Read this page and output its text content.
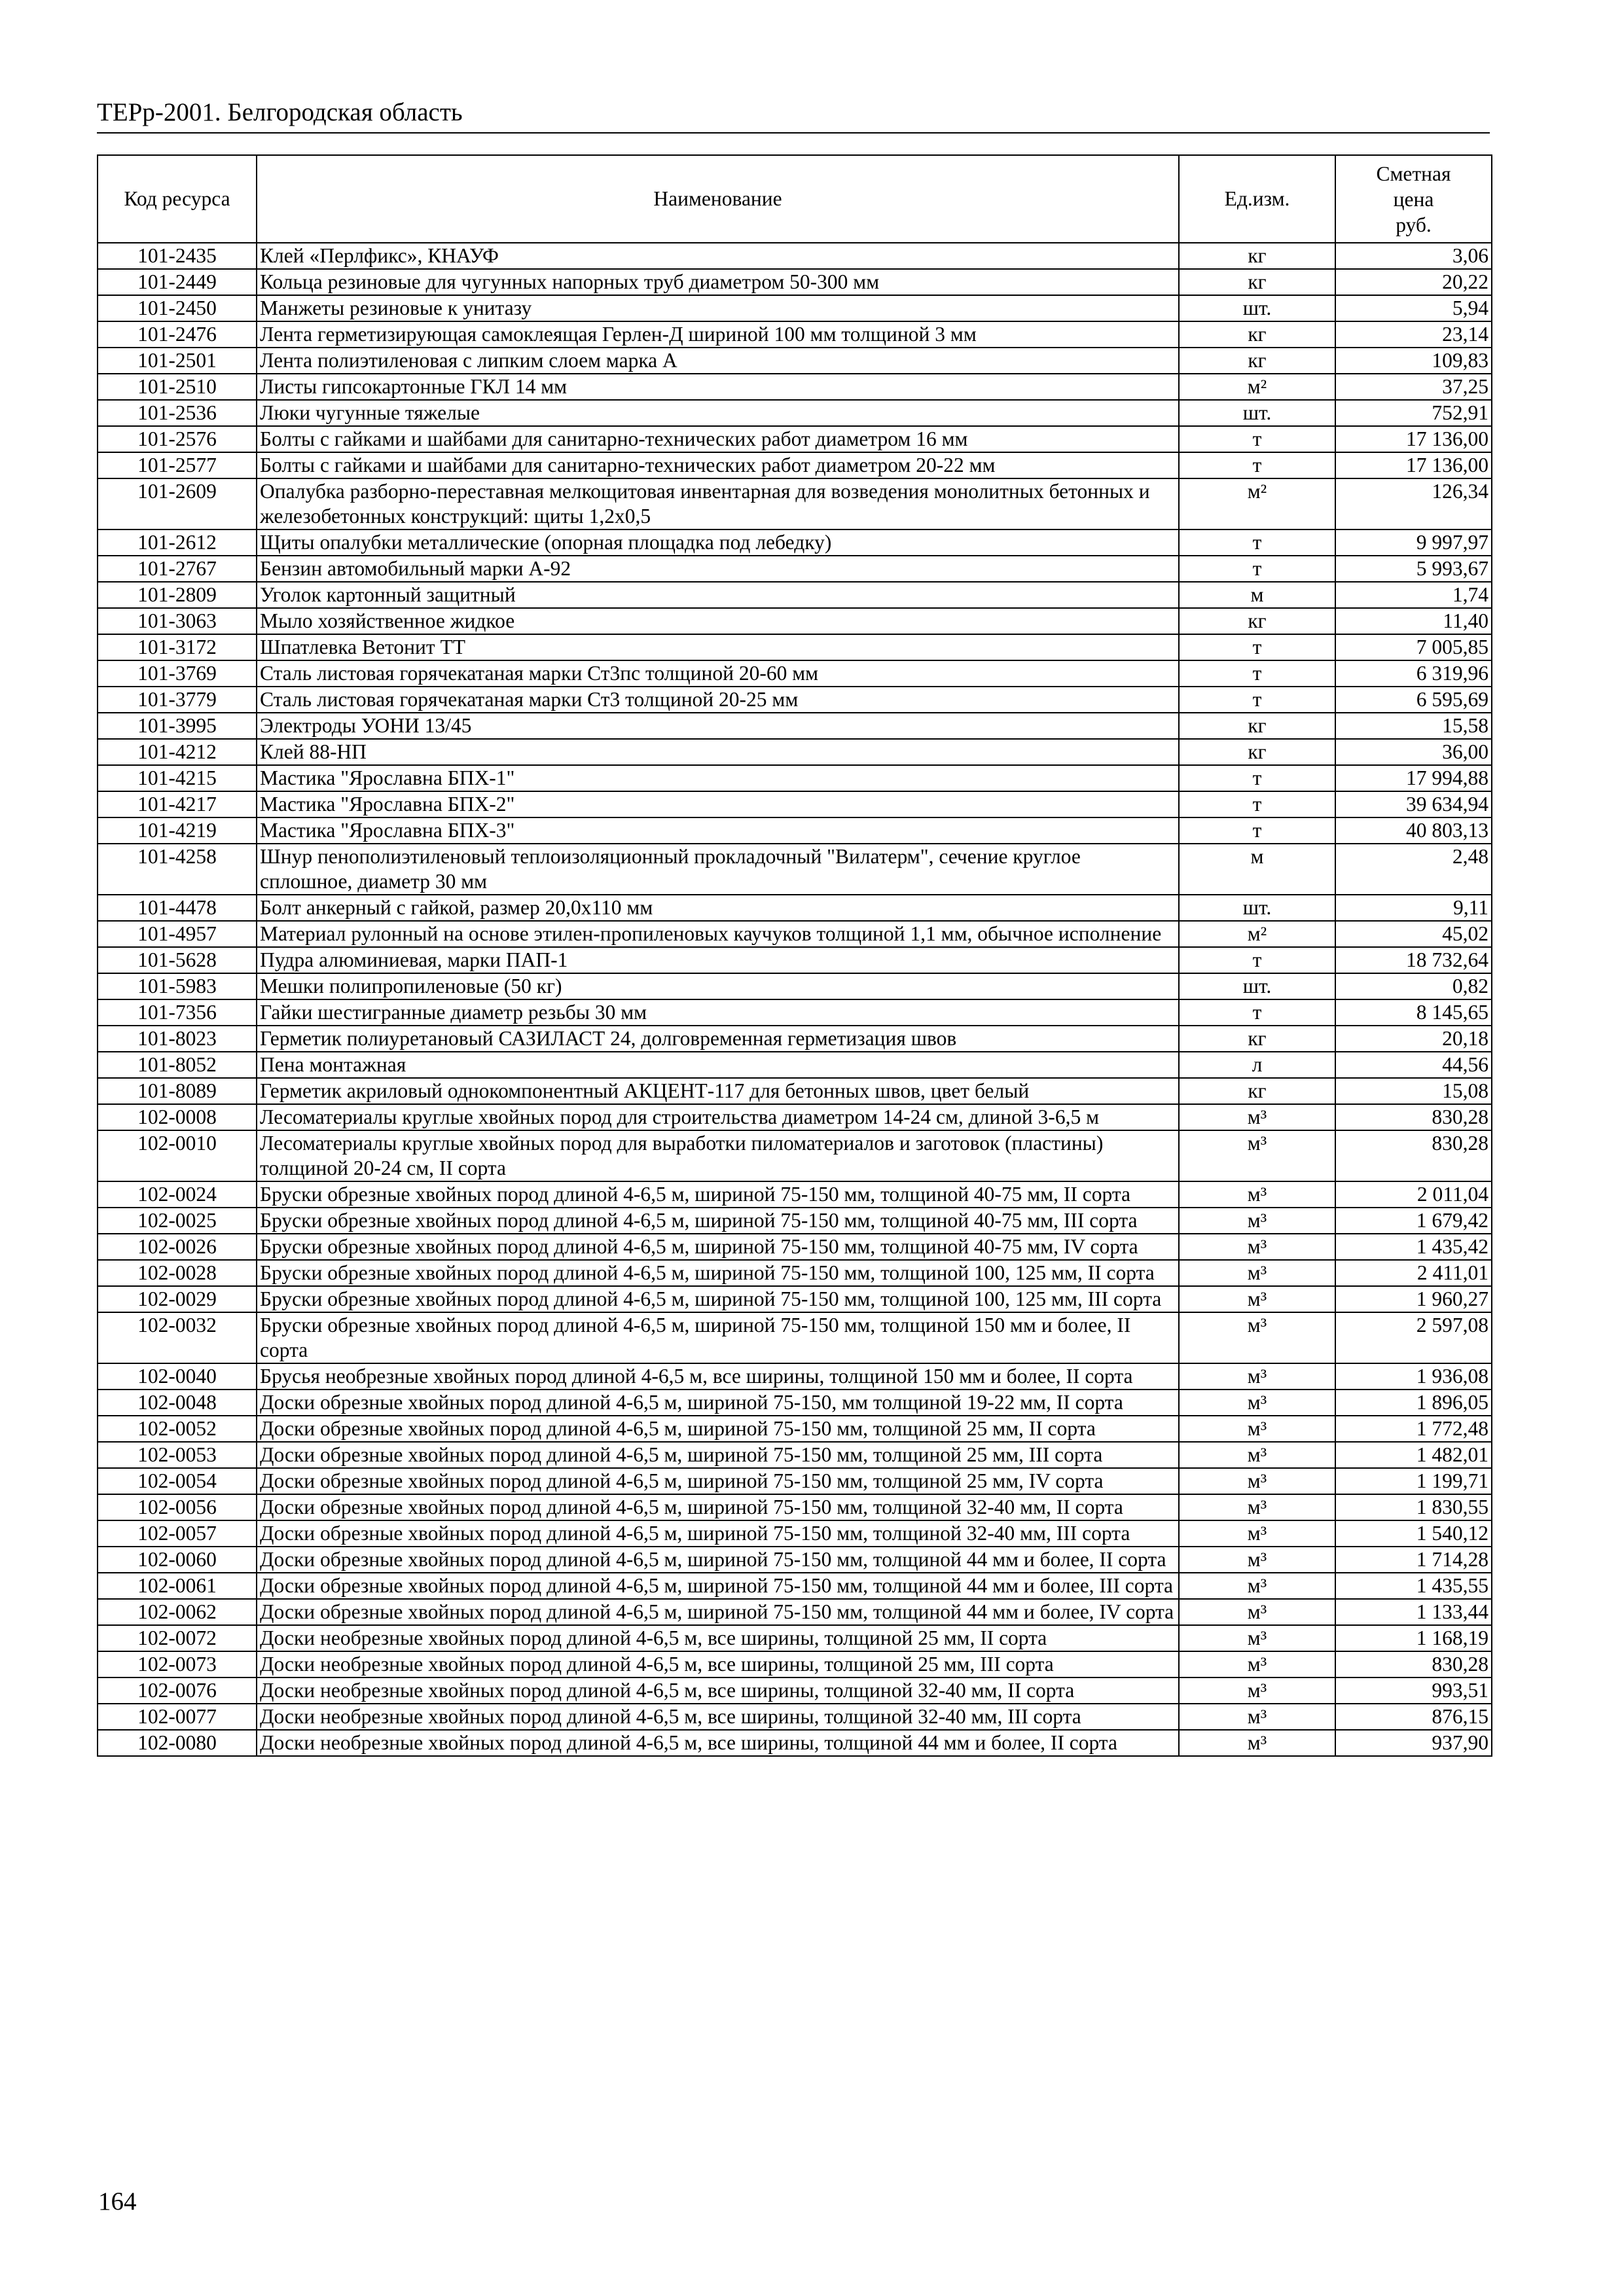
ТЕРр-2001. Белгородская область
Код ресурса	Наименование	Ед.изм.	Сметная
цена
руб.

101-2435	Клей «Перлфикс», КНАУФ	кг	3,06
101-2449	Кольца резиновые для чугунных напорных труб диаметром 50-300 мм	кг	20,22
101-2450	Манжеты резиновые к унитазу	шт.	5,94
101-2476	Лента герметизирующая самоклеящая Герлен-Д шириной 100 мм толщиной 3 мм	кг	23,14
101-2501	Лента полиэтиленовая с липким слоем марка А	кг	109,83
101-2510	Листы гипсокартонные ГКЛ 14 мм	м²	37,25
101-2536	Люки чугунные тяжелые	шт.	752,91
101-2576	Болты с гайками и шайбами для санитарно-технических работ диаметром 16 мм	т	17 136,00
101-2577	Болты с гайками и шайбами для санитарно-технических работ диаметром 20-22 мм	т	17 136,00
101-2609	Опалубка разборно-переставная мелкощитовая инвентарная для возведения монолитных бетонных и железобетонных конструкций: щиты 1,2х0,5	м²	126,34
101-2612	Щиты опалубки металлические (опорная площадка под лебедку)	т	9 997,97
101-2767	Бензин автомобильный марки А-92	т	5 993,67
101-2809	Уголок картонный защитный	м	1,74
101-3063	Мыло хозяйственное жидкое	кг	11,40
101-3172	Шпатлевка Ветонит ТТ	т	7 005,85
101-3769	Сталь листовая горячекатаная марки Ст3пс толщиной 20-60 мм	т	6 319,96
101-3779	Сталь листовая горячекатаная марки Ст3 толщиной 20-25 мм	т	6 595,69
101-3995	Электроды УОНИ 13/45	кг	15,58
101-4212	Клей 88-НП	кг	36,00
101-4215	Мастика "Ярославна БПХ-1"	т	17 994,88
101-4217	Мастика "Ярославна БПХ-2"	т	39 634,94
101-4219	Мастика "Ярославна БПХ-3"	т	40 803,13
101-4258	Шнур пенополиэтиленовый теплоизоляционный прокладочный "Вилатерм", сечение круглое сплошное, диаметр 30 мм	м	2,48
101-4478	Болт анкерный с гайкой, размер 20,0х110 мм	шт.	9,11
101-4957	Материал рулонный на основе этилен-пропиленовых каучуков толщиной 1,1 мм, обычное исполнение	м²	45,02
101-5628	Пудра алюминиевая, марки ПАП-1	т	18 732,64
101-5983	Мешки полипропиленовые (50 кг)	шт.	0,82
101-7356	Гайки шестигранные диаметр резьбы 30 мм	т	8 145,65
101-8023	Герметик полиуретановый САЗИЛАСТ 24, долговременная герметизация швов	кг	20,18
101-8052	Пена монтажная	л	44,56
101-8089	Герметик акриловый однокомпонентный АКЦЕНТ-117 для бетонных швов, цвет белый	кг	15,08
102-0008	Лесоматериалы круглые хвойных пород для строительства диаметром 14-24 см, длиной 3-6,5 м	м³	830,28
102-0010	Лесоматериалы круглые хвойных пород для выработки пиломатериалов и заготовок (пластины) толщиной 20-24 см, II сорта	м³	830,28
102-0024	Бруски обрезные хвойных пород длиной 4-6,5 м, шириной 75-150 мм, толщиной 40-75 мм, II сорта	м³	2 011,04
102-0025	Бруски обрезные хвойных пород длиной 4-6,5 м, шириной 75-150 мм, толщиной 40-75 мм, III сорта	м³	1 679,42
102-0026	Бруски обрезные хвойных пород длиной 4-6,5 м, шириной 75-150 мм, толщиной 40-75 мм, IV сорта	м³	1 435,42
102-0028	Бруски обрезные хвойных пород длиной 4-6,5 м, шириной 75-150 мм, толщиной 100, 125 мм, II сорта	м³	2 411,01
102-0029	Бруски обрезные хвойных пород длиной 4-6,5 м, шириной 75-150 мм, толщиной 100, 125 мм, III сорта	м³	1 960,27
102-0032	Бруски обрезные хвойных пород длиной 4-6,5 м, шириной 75-150 мм, толщиной 150 мм и более, II сорта	м³	2 597,08
102-0040	Брусья необрезные хвойных пород длиной 4-6,5 м, все ширины, толщиной 150 мм и более, II сорта	м³	1 936,08
102-0048	Доски обрезные хвойных пород длиной 4-6,5 м, шириной 75-150, мм толщиной 19-22 мм, II сорта	м³	1 896,05
102-0052	Доски обрезные хвойных пород длиной 4-6,5 м, шириной 75-150 мм, толщиной 25 мм, II сорта	м³	1 772,48
102-0053	Доски обрезные хвойных пород длиной 4-6,5 м, шириной 75-150 мм, толщиной 25 мм, III сорта	м³	1 482,01
102-0054	Доски обрезные хвойных пород длиной 4-6,5 м, шириной 75-150 мм, толщиной 25 мм, IV сорта	м³	1 199,71
102-0056	Доски обрезные хвойных пород длиной 4-6,5 м, шириной 75-150 мм, толщиной 32-40 мм, II сорта	м³	1 830,55
102-0057	Доски обрезные хвойных пород длиной 4-6,5 м, шириной 75-150 мм, толщиной 32-40 мм, III сорта	м³	1 540,12
102-0060	Доски обрезные хвойных пород длиной 4-6,5 м, шириной 75-150 мм, толщиной 44 мм и более, II сорта	м³	1 714,28
102-0061	Доски обрезные хвойных пород длиной 4-6,5 м, шириной 75-150 мм, толщиной 44 мм и более, III сорта	м³	1 435,55
102-0062	Доски обрезные хвойных пород длиной 4-6,5 м, шириной 75-150 мм, толщиной 44 мм и более, IV сорта	м³	1 133,44
102-0072	Доски необрезные хвойных пород длиной 4-6,5 м, все ширины, толщиной 25 мм, II сорта	м³	1 168,19
102-0073	Доски необрезные хвойных пород длиной 4-6,5 м, все ширины, толщиной 25 мм, III сорта	м³	830,28
102-0076	Доски необрезные хвойных пород длиной 4-6,5 м, все ширины, толщиной 32-40 мм, II сорта	м³	993,51
102-0077	Доски необрезные хвойных пород длиной 4-6,5 м, все ширины, толщиной 32-40 мм, III сорта	м³	876,15
102-0080	Доски необрезные хвойных пород длиной 4-6,5 м, все ширины, толщиной 44 мм и более, II сорта	м³	937,90
164
